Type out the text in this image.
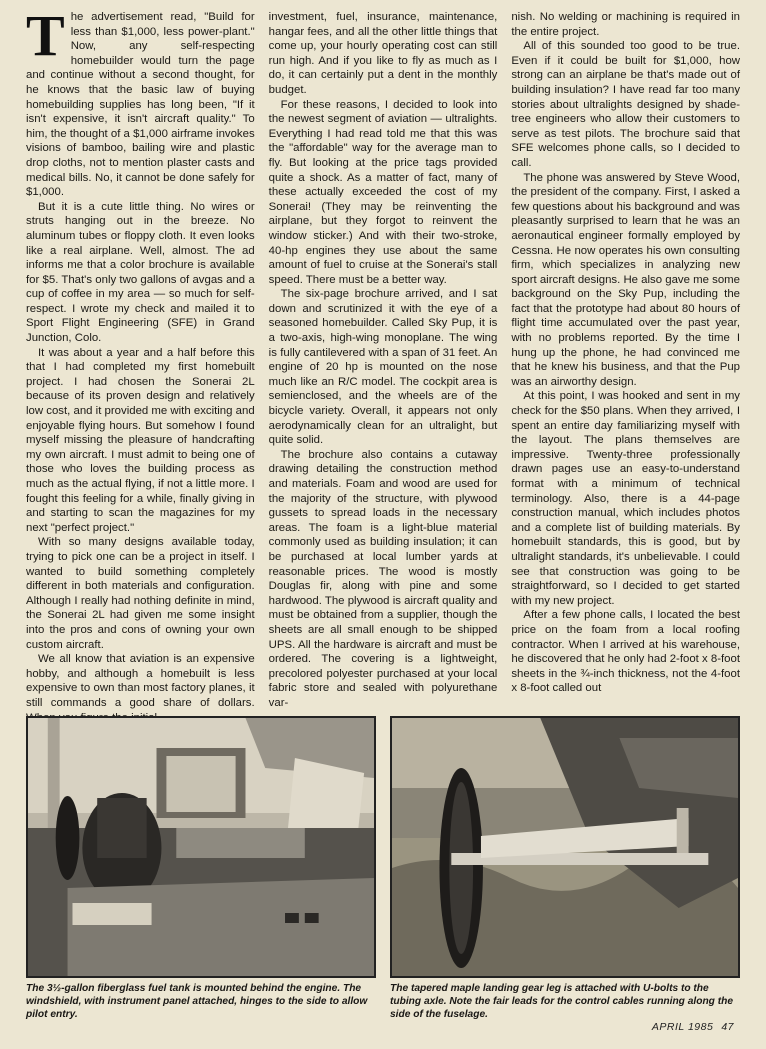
The advertisement read, "Build for less than $1,000, less power-plant." Now, any self-respecting homebuilder would turn the page and continue without a second thought, for he knows that the basic law of buying homebuilding supplies has long been, "If it isn't expensive, it isn't aircraft quality." To him, the thought of a $1,000 airframe invokes visions of bamboo, bailing wire and plastic drop cloths, not to mention plaster casts and medical bills. No, it cannot be done safely for $1,000.

But it is a cute little thing. No wires or struts hanging out in the breeze. No aluminum tubes or floppy cloth. It even looks like a real airplane. Well, almost. The ad informs me that a color brochure is available for $5. That's only two gallons of avgas and a cup of coffee in my area — so much for self-respect. I wrote my check and mailed it to Sport Flight Engineering (SFE) in Grand Junction, Colo.

It was about a year and a half before this that I had completed my first homebuilt project. I had chosen the Sonerai 2L because of its proven design and relatively low cost, and it provided me with exciting and enjoyable flying hours. But somehow I found myself missing the pleasure of handcrafting my own aircraft. I must admit to being one of those who loves the building process as much as the actual flying, if not a little more. I fought this feeling for a while, finally giving in and starting to scan the magazines for my next "perfect project."

With so many designs available today, trying to pick one can be a project in itself. I wanted to build something completely different in both materials and configuration. Although I really had nothing definite in mind, the Sonerai 2L had given me some insight into the pros and cons of owning your own custom aircraft.

We all know that aviation is an expensive hobby, and although a homebuilt is less expensive to own than most factory planes, it still commands a good share of dollars.

investment, fuel, insurance, maintenance, hangar fees, and all the other little things that come up, your hourly operating cost can still run high. And if you like to fly as much as I do, it can certainly put a dent in the monthly budget.

For these reasons, I decided to look into the newest segment of aviation — ultralights. Everything I had read told me that this was the "affordable" way for the average man to fly. But looking at the price tags provided quite a shock. As a matter of fact, many of these actually exceeded the cost of my Sonerai! (They may be reinventing the airplane, but they forgot to reinvent the window sticker.) And with their two-stroke, 40-hp engines they use about the same amount of fuel to cruise at the Sonerai's stall speed. There must be a better way.

The six-page brochure arrived, and I sat down and scrutinized it with the eye of a seasoned homebuilder. Called Sky Pup, it is a two-axis, high-wing monoplane. The wing is fully cantilevered with a span of 31 feet. An engine of 20 hp is mounted on the nose much like an R/C model. The cockpit area is semienclosed, and the wheels are of the bicycle variety. Overall, it appears not only aerodynamically clean for an ultralight, but quite solid.

The brochure also contains a cutaway drawing detailing the construction method and materials. Foam and wood are used for the majority of the structure, with plywood gussets to spread loads in the necessary areas. The foam is a light-blue material commonly used as building insulation; it can be purchased at local lumber yards at reasonable prices. The wood is mostly Douglas fir, along with pine and some hardwood. The plywood is aircraft quality and must be obtained from a supplier, though the sheets are all small enough to be shipped UPS. All the hardware is aircraft and must be ordered. The covering is a lightweight, precolored polyester purchased at your local fabric store and sealed with polyurethane var-

nish. No welding or machining is required in the entire project.

All of this sounded too good to be true. Even if it could be built for $1,000, how strong can an airplane be that's made out of building insulation? I have read far too many stories about ultralights designed by shade-tree engineers who allow their customers to serve as test pilots. The brochure said that SFE welcomes phone calls, so I decided to call.

The phone was answered by Steve Wood, the president of the company. First, I asked a few questions about his background and was pleasantly surprised to learn that he was an aeronautical engineer formally employed by Cessna. He now operates his own consulting firm, which specializes in analyzing new sport aircraft designs. He also gave me some background on the Sky Pup, including the fact that the prototype had about 80 hours of flight time accumulated over the past year, with no problems reported. By the time I hung up the phone, he had convinced me that he knew his business, and that the Pup was an airworthy design.

At this point, I was hooked and sent in my check for the $50 plans. When they arrived, I spent an entire day familiarizing myself with the layout. The plans themselves are impressive. Twenty-three professionally drawn pages use an easy-to-understand format with a minimum of technical terminology. Also, there is a 44-page construction manual, which includes photos and a complete list of building materials. By homebuilt standards, this is good, but by ultralight standards, it's unbelievable. I could see that construction was going to be straightforward, so I decided to get started with my new project.

After a few phone calls, I located the best price on the foam from a local roofing contractor. When I arrived at his warehouse, he discovered that he only had 2-foot x 8-foot sheets in the ¾-inch thickness, not the 4-foot x 8-foot called out

The 3½-gallon fiberglass fuel tank is mounted behind the engine. The windshield, with instrument panel attached, hinges to the side to allow pilot entry.
The tapered maple landing gear leg is attached with U-bolts to the tubing axle. Note the fair leads for the control cables running along the side of the fuselage.
APRIL 1985 47
